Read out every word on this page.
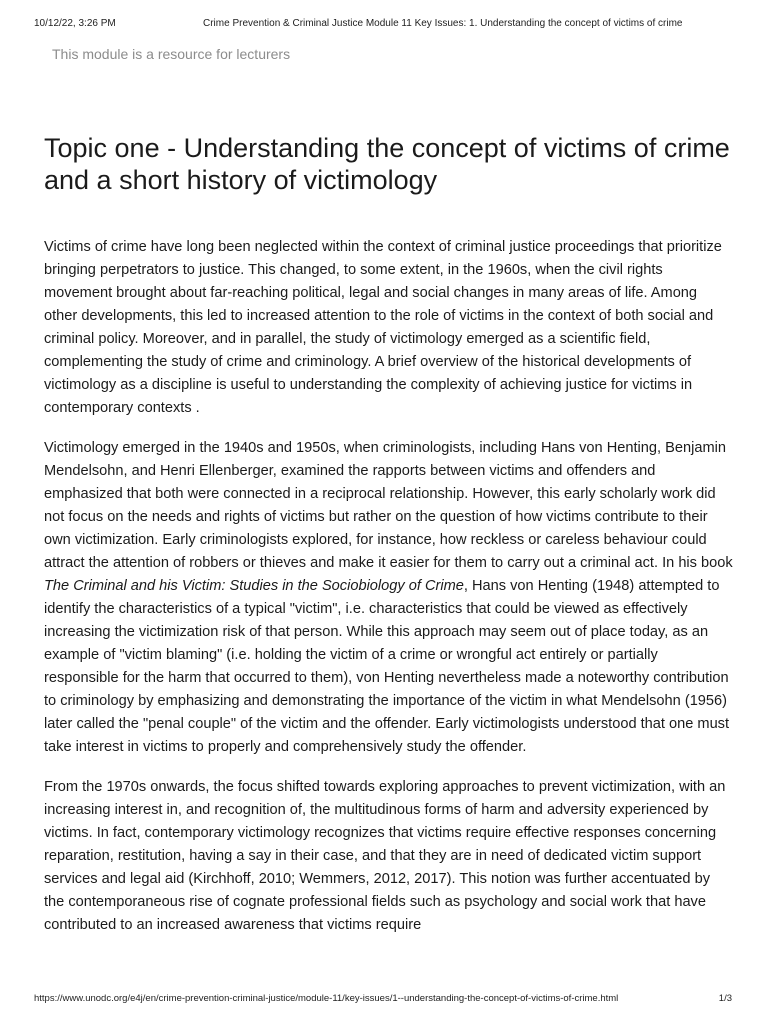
10/12/22, 3:26 PM	Crime Prevention & Criminal Justice Module 11 Key Issues: 1. Understanding the concept of victims of crime
This module is a resource for lecturers
Topic one - Understanding the concept of victims of crime and a short history of victimology

Victims of crime have long been neglected within the context of criminal justice proceedings that prioritize bringing perpetrators to justice. This changed, to some extent, in the 1960s, when the civil rights movement brought about far-reaching political, legal and social changes in many areas of life. Among other developments, this led to increased attention to the role of victims in the context of both social and criminal policy. Moreover, and in parallel, the study of victimology emerged as a scientific field, complementing the study of crime and criminology. A brief overview of the historical developments of victimology as a discipline is useful to understanding the complexity of achieving justice for victims in contemporary contexts .

Victimology emerged in the 1940s and 1950s, when criminologists, including Hans von Henting, Benjamin Mendelsohn, and Henri Ellenberger, examined the rapports between victims and offenders and emphasized that both were connected in a reciprocal relationship. However, this early scholarly work did not focus on the needs and rights of victims but rather on the question of how victims contribute to their own victimization. Early criminologists explored, for instance, how reckless or careless behaviour could attract the attention of robbers or thieves and make it easier for them to carry out a criminal act. In his book The Criminal and his Victim: Studies in the Sociobiology of Crime, Hans von Henting (1948) attempted to identify the characteristics of a typical "victim", i.e. characteristics that could be viewed as effectively increasing the victimization risk of that person. While this approach may seem out of place today, as an example of "victim blaming" (i.e. holding the victim of a crime or wrongful act entirely or partially responsible for the harm that occurred to them), von Henting nevertheless made a noteworthy contribution to criminology by emphasizing and demonstrating the importance of the victim in what Mendelsohn (1956) later called the "penal couple" of the victim and the offender. Early victimologists understood that one must take interest in victims to properly and comprehensively study the offender.

From the 1970s onwards, the focus shifted towards exploring approaches to prevent victimization, with an increasing interest in, and recognition of, the multitudinous forms of harm and adversity experienced by victims. In fact, contemporary victimology recognizes that victims require effective responses concerning reparation, restitution, having a say in their case, and that they are in need of dedicated victim support services and legal aid (Kirchhoff, 2010; Wemmers, 2012, 2017). This notion was further accentuated by the contemporaneous rise of cognate professional fields such as psychology and social work that have contributed to an increased awareness that victims require

https://www.unodc.org/e4j/en/crime-prevention-criminal-justice/module-11/key-issues/1--understanding-the-concept-of-victims-of-crime.html	1/3
